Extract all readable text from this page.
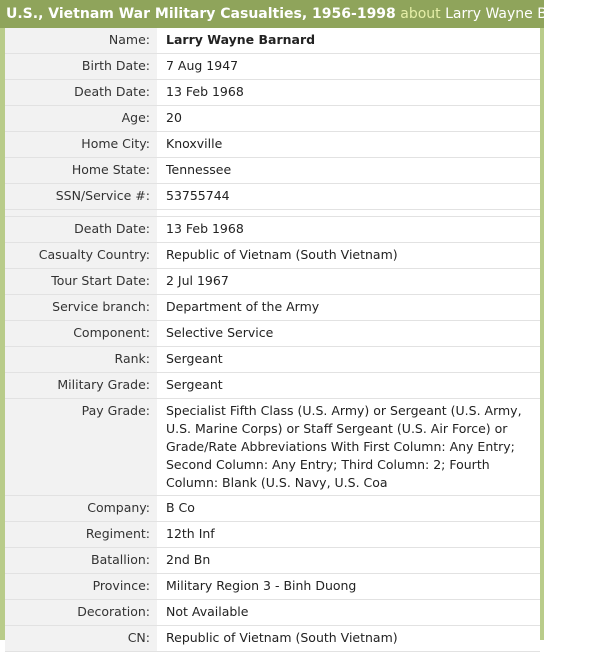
U.S., Vietnam War Military Casualties, 1956-1998 about Larry Wayne Barnard
Name:	Larry Wayne Barnard
Birth Date:	7 Aug 1947
Death Date:	13 Feb 1968
Age:	20
Home City:	Knoxville
Home State:	Tennessee
SSN/Service #:	53755744

Death Date:	13 Feb 1968
Casualty Country:	Republic of Vietnam (South Vietnam)
Tour Start Date:	2 Jul 1967
Service branch:	Department of the Army
Component:	Selective Service
Rank:	Sergeant
Military Grade:	Sergeant
Pay Grade:	Specialist Fifth Class (U.S. Army) or Sergeant (U.S. Army, U.S. Marine Corps) or Staff Sergeant (U.S. Air Force) or Grade/Rate Abbreviations With First Column: Any Entry; Second Column: Any Entry; Third Column: 2; Fourth Column: Blank (U.S. Navy, U.S. Coa
Company:	B Co
Regiment:	12th Inf
Batallion:	2nd Bn
Province:	Military Region 3 - Binh Duong
Decoration:	Not Available
CN:	Republic of Vietnam (South Vietnam)
